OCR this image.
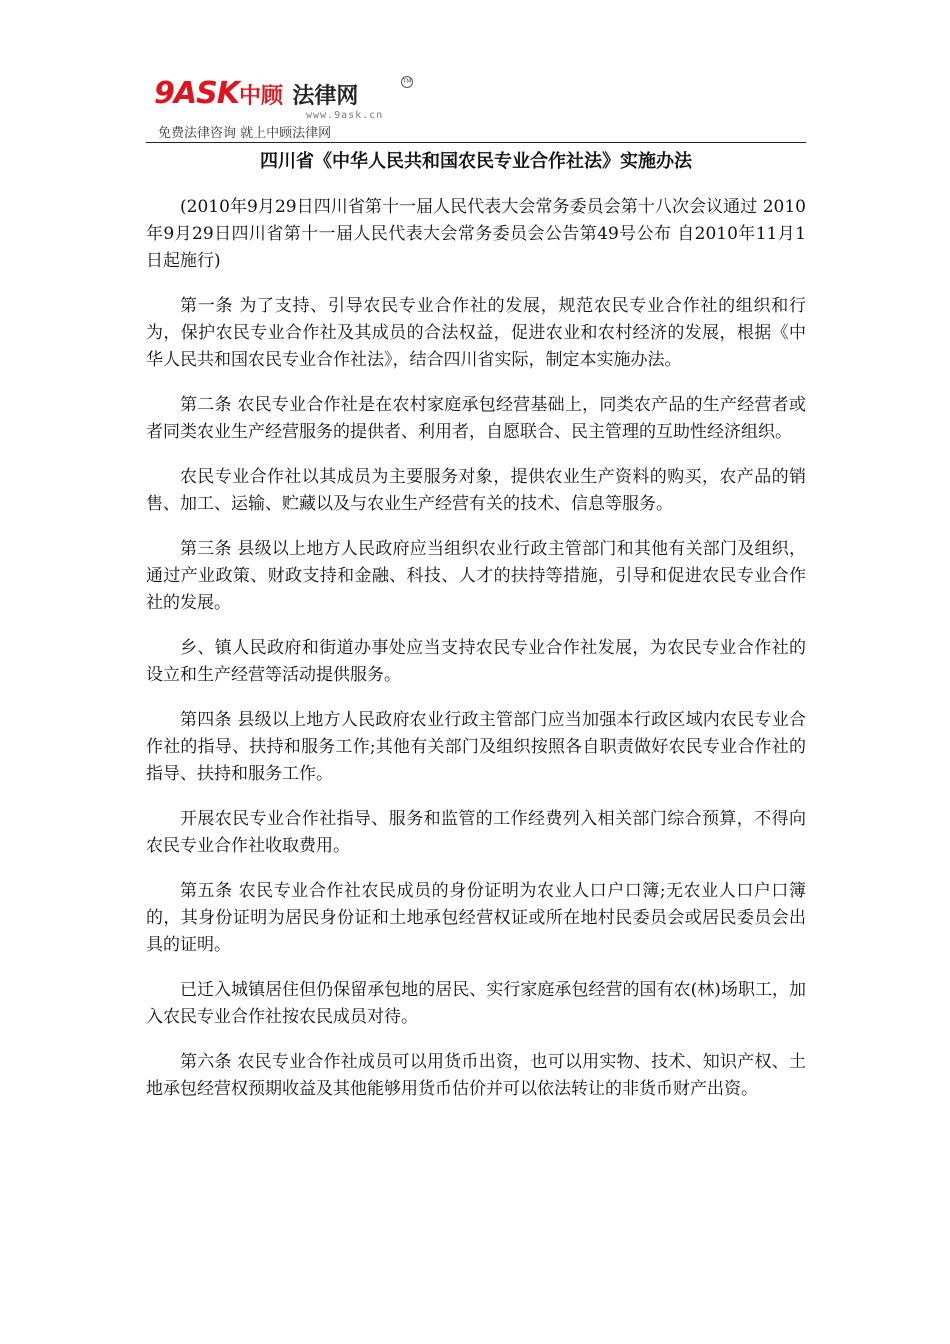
9ASK中顾 法律网
TM
www.9ask.cn
免费法律咨询 就上中顾法律网
四川省《中华人民共和国农民专业合作社法》实施办法

(2010年9月29日四川省第十一届人民代表大会常务委员会第十八次会议通过 2010年9月29日四川省第十一届人民代表大会常务委员会公告第49号公布 自2010年11月1日起施行)

第一条 为了支持、引导农民专业合作社的发展，规范农民专业合作社的组织和行为，保护农民专业合作社及其成员的合法权益，促进农业和农村经济的发展，根据《中华人民共和国农民专业合作社法》，结合四川省实际，制定本实施办法。

第二条 农民专业合作社是在农村家庭承包经营基础上，同类农产品的生产经营者或者同类农业生产经营服务的提供者、利用者，自愿联合、民主管理的互助性经济组织。

农民专业合作社以其成员为主要服务对象，提供农业生产资料的购买，农产品的销售、加工、运输、贮藏以及与农业生产经营有关的技术、信息等服务。

第三条 县级以上地方人民政府应当组织农业行政主管部门和其他有关部门及组织，通过产业政策、财政支持和金融、科技、人才的扶持等措施，引导和促进农民专业合作社的发展。

乡、镇人民政府和街道办事处应当支持农民专业合作社发展，为农民专业合作社的设立和生产经营等活动提供服务。

第四条 县级以上地方人民政府农业行政主管部门应当加强本行政区域内农民专业合作社的指导、扶持和服务工作;其他有关部门及组织按照各自职责做好农民专业合作社的指导、扶持和服务工作。

开展农民专业合作社指导、服务和监管的工作经费列入相关部门综合预算，不得向农民专业合作社收取费用。

第五条 农民专业合作社农民成员的身份证明为农业人口户口簿;无农业人口户口簿的，其身份证明为居民身份证和土地承包经营权证或所在地村民委员会或居民委员会出具的证明。

已迁入城镇居住但仍保留承包地的居民、实行家庭承包经营的国有农(林)场职工，加入农民专业合作社按农民成员对待。

第六条 农民专业合作社成员可以用货币出资，也可以用实物、技术、知识产权、土地承包经营权预期收益及其他能够用货币估价并可以依法转让的非货币财产出资。
